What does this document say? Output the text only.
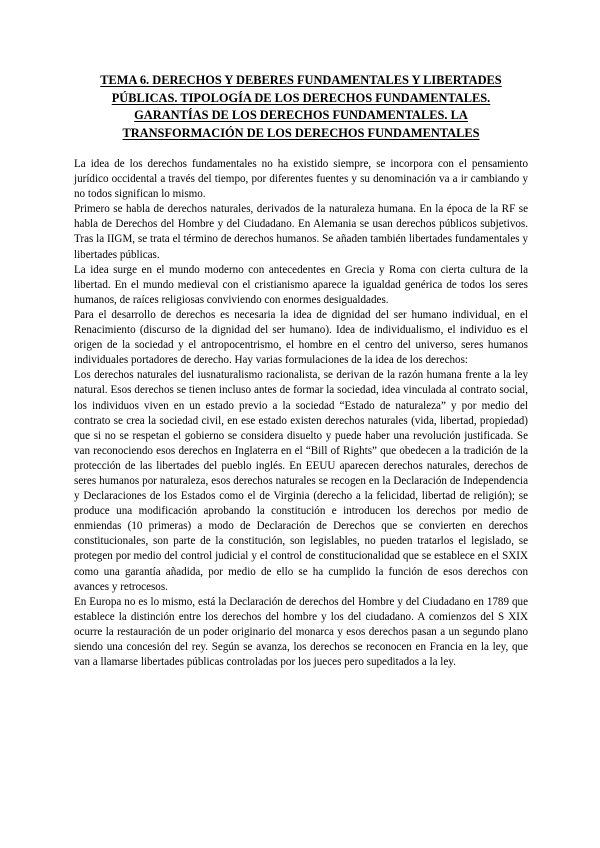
TEMA 6. DERECHOS Y DEBERES FUNDAMENTALES Y LIBERTADES PÚBLICAS. TIPOLOGÍA DE LOS DERECHOS FUNDAMENTALES. GARANTÍAS DE LOS DERECHOS FUNDAMENTALES. LA TRANSFORMACIÓN DE LOS DERECHOS FUNDAMENTALES

La idea de los derechos fundamentales no ha existido siempre, se incorpora con el pensamiento jurídico occidental a través del tiempo, por diferentes fuentes y su denominación va a ir cambiando y no todos significan lo mismo.

Primero se habla de derechos naturales, derivados de la naturaleza humana. En la época de la RF se habla de Derechos del Hombre y del Ciudadano. En Alemania se usan derechos públicos subjetivos. Tras la IIGM, se trata el término de derechos humanos. Se añaden también libertades fundamentales y libertades públicas.

La idea surge en el mundo moderno con antecedentes en Grecia y Roma con cierta cultura de la libertad. En el mundo medieval con el cristianismo aparece la igualdad genérica de todos los seres humanos, de raíces religiosas conviviendo con enormes desigualdades.

Para el desarrollo de derechos es necesaria la idea de dignidad del ser humano individual, en el Renacimiento (discurso de la dignidad del ser humano). Idea de individualismo, el individuo es el origen de la sociedad y el antropocentrismo, el hombre en el centro del universo, seres humanos individuales portadores de derecho. Hay varias formulaciones de la idea de los derechos:

Los derechos naturales del iusnaturalismo racionalista, se derivan de la razón humana frente a la ley natural. Esos derechos se tienen incluso antes de formar la sociedad, idea vinculada al contrato social, los individuos viven en un estado previo a la sociedad “Estado de naturaleza” y por medio del contrato se crea la sociedad civil, en ese estado existen derechos naturales (vida, libertad, propiedad) que si no se respetan el gobierno se considera disuelto y puede haber una revolución justificada. Se van reconociendo esos derechos en Inglaterra en el “Bill of Rights” que obedecen a la tradición de la protección de las libertades del pueblo inglés. En EEUU aparecen derechos naturales, derechos de seres humanos por naturaleza, esos derechos naturales se recogen en la Declaración de Independencia y Declaraciones de los Estados como el de Virginia (derecho a la felicidad, libertad de religión); se produce una modificación aprobando la constitución e introducen los derechos por medio de enmiendas (10 primeras) a modo de Declaración de Derechos que se convierten en derechos constitucionales, son parte de la constitución, son legislables, no pueden tratarlos el legislado, se protegen por medio del control judicial y el control de constitucionalidad que se establece en el SXIX como una garantía añadida, por medio de ello se ha cumplido la función de esos derechos con avances y retrocesos.

En Europa no es lo mismo, está la Declaración de derechos del Hombre y del Ciudadano en 1789 que establece la distinción entre los derechos del hombre y los del ciudadano. A comienzos del S XIX ocurre la restauración de un poder originario del monarca y esos derechos pasan a un segundo plano siendo una concesión del rey. Según se avanza, los derechos se reconocen en Francia en la ley, que van a llamarse libertades públicas controladas por los jueces pero supeditados a la ley.
